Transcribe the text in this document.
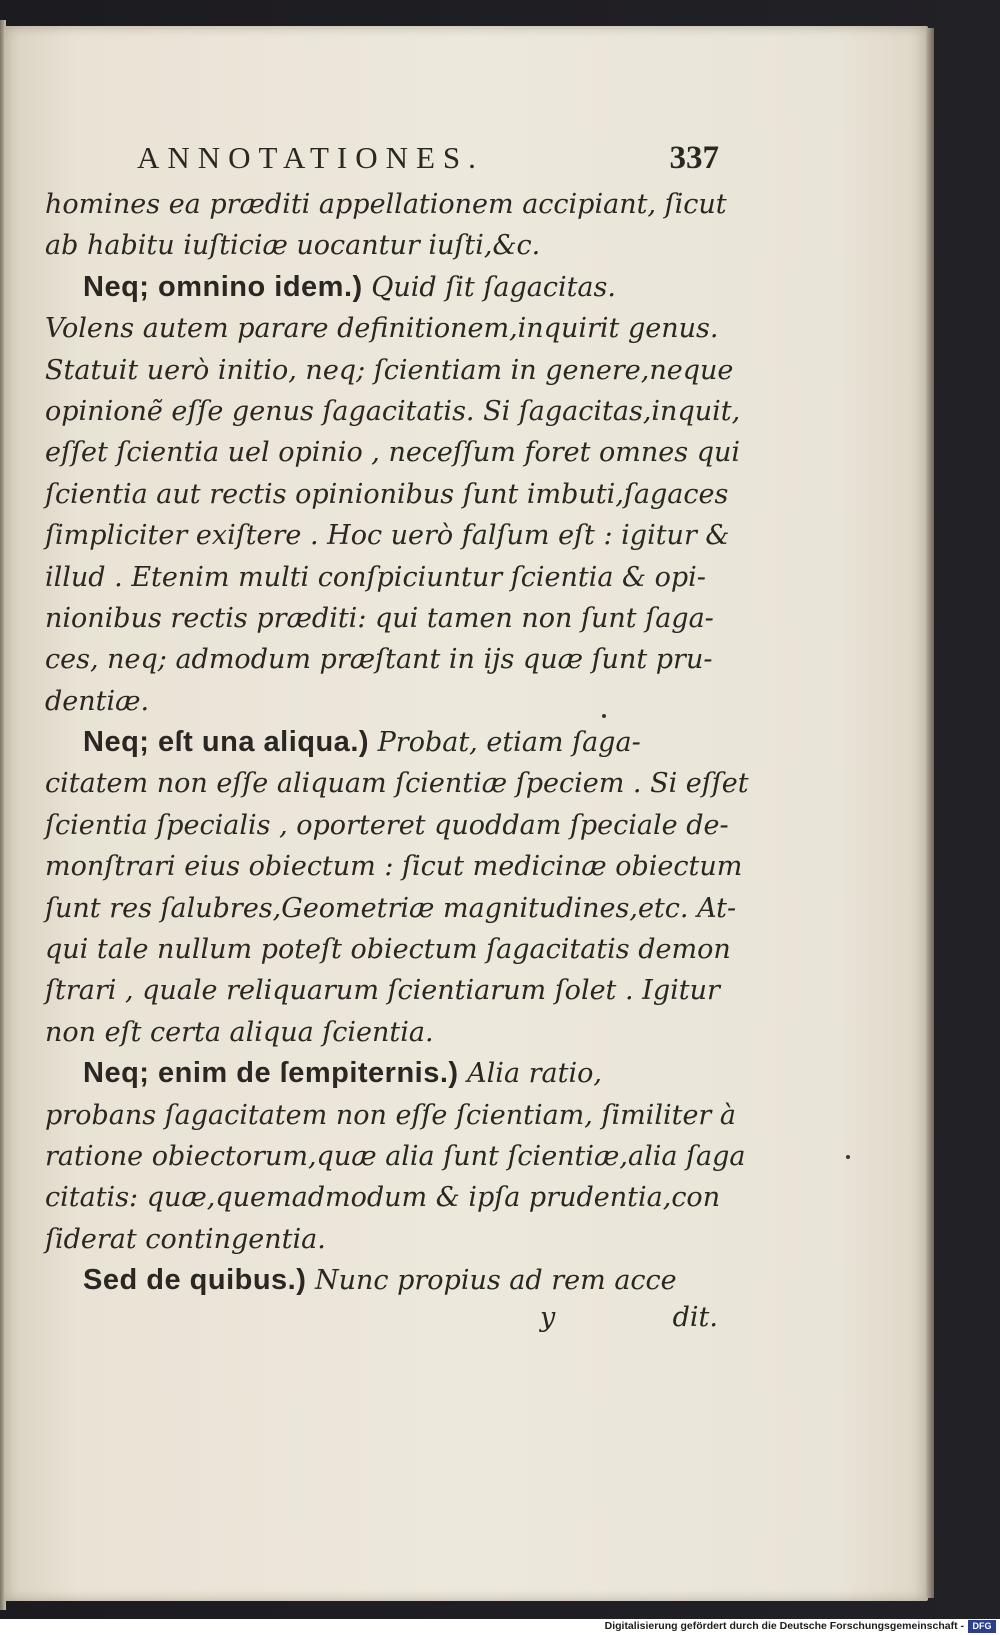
ANNOTATIONES.	337
homines ea præditi appellationem accipiant, ſicut
ab habitu iuſticiæ uocantur iuſti,&c.
Neq; omnino idem.) Quid ſit ſagacitas.
Volens autem parare definitionem,inquirit genus.
Statuit uerò initio, neq; ſcientiam in genere,neque
opinionẽ eſſe genus ſagacitatis. Si ſagacitas,inquit,
eſſet ſcientia uel opinio , neceſſum foret omnes qui
ſcientia aut rectis opinionibus ſunt imbuti,ſagaces
ſimpliciter exiſtere . Hoc uerò falſum eſt : igitur &
illud . Etenim multi conſpiciuntur ſcientia & opi-
nionibus rectis præditi: qui tamen non ſunt ſaga-
ces, neq; admodum præſtant in ijs quæ ſunt pru-
dentiæ.
Neq; eſt una aliqua.) Probat, etiam ſaga-
citatem non eſſe aliquam ſcientiæ ſpeciem . Si eſſet
ſcientia ſpecialis , oporteret quoddam ſpeciale de-
monſtrari eius obiectum : ſicut medicinæ obiectum
ſunt res ſalubres,Geometriæ magnitudines,etc. At-
qui tale nullum poteſt obiectum ſagacitatis demon
ſtrari , quale reliquarum ſcientiarum ſolet . Igitur
non eſt certa aliqua ſcientia.
Neq; enim de ſempiternis.) Alia ratio,
probans ſagacitatem non eſſe ſcientiam, ſimiliter à
ratione obiectorum,quæ alia ſunt ſcientiæ,alia ſaga
citatis: quæ,quemadmodum & ipſa prudentia,con
ſiderat contingentia.
Sed de quibus.) Nunc propius ad rem acce
y	dit.
Digitalisierung gefördert durch die Deutsche Forschungsgemeinschaft - DFG
